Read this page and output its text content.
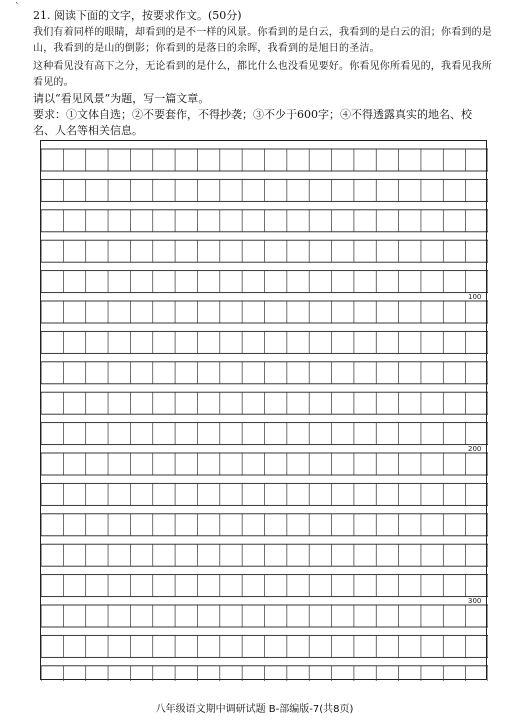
`

21. 阅读下面的文字，按要求作文。(50分)

我们有着同样的眼睛，却看到的是不一样的风景。你看到的是白云，我看到的是白云的泪；你看到的是山，我看到的是山的倒影；你看到的是落日的余晖，我看到的是旭日的圣洁。

这种看见没有高下之分，无论看到的是什么，都比什么也没看见要好。你看见你所看见的，我看见我所看见的。

请以“看见风景”为题，写一篇文章。

要求：①文体自选；②不要套作，不得抄袭；③不少于600字；④不得透露真实的地名、校名、人名等相关信息。

100
200
300
八年级语文期中调研试题 B-部编版-7(共8页)
